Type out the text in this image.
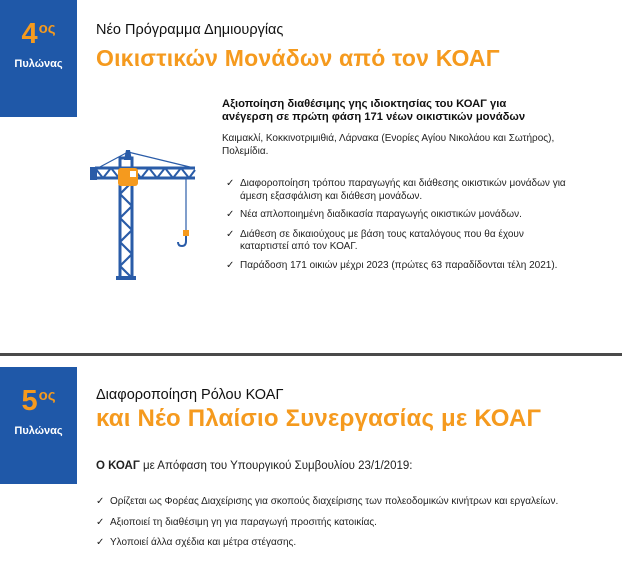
$4^{o\varsigma}$
Πυλώνας
Νέο Πρόγραμμα Δημιουργίας
Οικιστικών Μονάδων από τον ΚΟΑΓ
Αξιοποίηση διαθέσιμης γης ιδιοκτησίας του ΚΟΑΓ για
ανέγερση σε πρώτη φάση 171 νέων οικιστικών μονάδων
Καιμακλί, Κοκκινοτριμιθιά, Λάρνακα (Ενορίες Αγίου Νικολάου και Σωτήρος),
Πολεμίδια.
✓ Διαφοροποίηση τρόπου παραγωγής και διάθεσης οικιστικών μονάδων για
άμεση εξασφάλιση και διάθεση μονάδων.
✓ Νέα απλοποιημένη διαδικασία παραγωγής οικιστικών μονάδων.
✓ Διάθεση σε δικαιούχους με βάση τους καταλόγους που θα έχουν
καταρτιστεί από τον ΚΟΑΓ.
✓ Παράδοση 171 οικιών μέχρι 2023 (πρώτες 63 παραδίδονται τέλη 2021).
$5^{o\varsigma}$
Πυλώνας
Διαφοροποίηση Ρόλου ΚΟΑΓ
και Νέο Πλαίσιο Συνεργασίας με ΚΟΑΓ
Ο ΚΟΑΓ με Απόφαση του Υπουργικού Συμβουλίου 23/1/2019:
✓ Ορίζεται ως Φορέας Διαχείρισης για σκοπούς διαχείρισης των πολεοδομικών κινήτρων και εργαλείων.
✓ Αξιοποιεί τη διαθέσιμη γη για παραγωγή προσιτής κατοικίας.
✓ Υλοποιεί άλλα σχέδια και μέτρα στέγασης.
